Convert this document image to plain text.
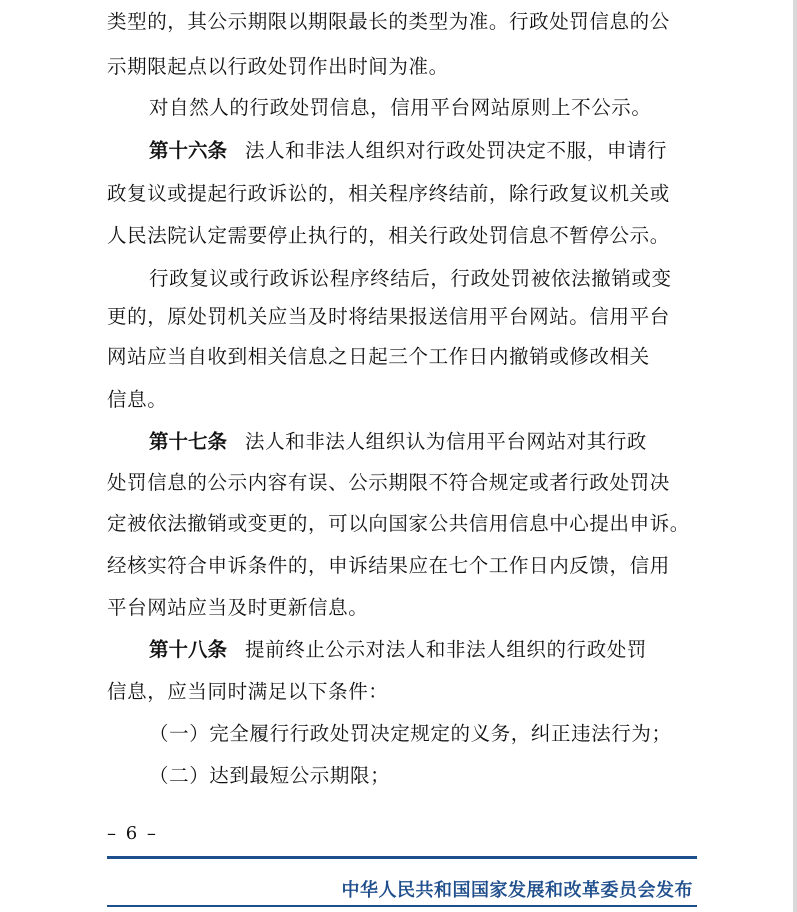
类型的，其公示期限以期限最长的类型为准。行政处罚信息的公
示期限起点以行政处罚作出时间为准。
对自然人的行政处罚信息，信用平台网站原则上不公示。
第十六条 法人和非法人组织对行政处罚决定不服，申请行
政复议或提起行政诉讼的，相关程序终结前，除行政复议机关或
人民法院认定需要停止执行的，相关行政处罚信息不暂停公示。
行政复议或行政诉讼程序终结后，行政处罚被依法撤销或变
更的，原处罚机关应当及时将结果报送信用平台网站。信用平台
网站应当自收到相关信息之日起三个工作日内撤销或修改相关
信息。
第十七条 法人和非法人组织认为信用平台网站对其行政
处罚信息的公示内容有误、公示期限不符合规定或者行政处罚决
定被依法撤销或变更的，可以向国家公共信用信息中心提出申诉。
经核实符合申诉条件的，申诉结果应在七个工作日内反馈，信用
平台网站应当及时更新信息。
第十八条 提前终止公示对法人和非法人组织的行政处罚
信息，应当同时满足以下条件：
（一）完全履行行政处罚决定规定的义务，纠正违法行为；
（二）达到最短公示期限；
– 6 –
中华人民共和国国家发展和改革委员会发布
